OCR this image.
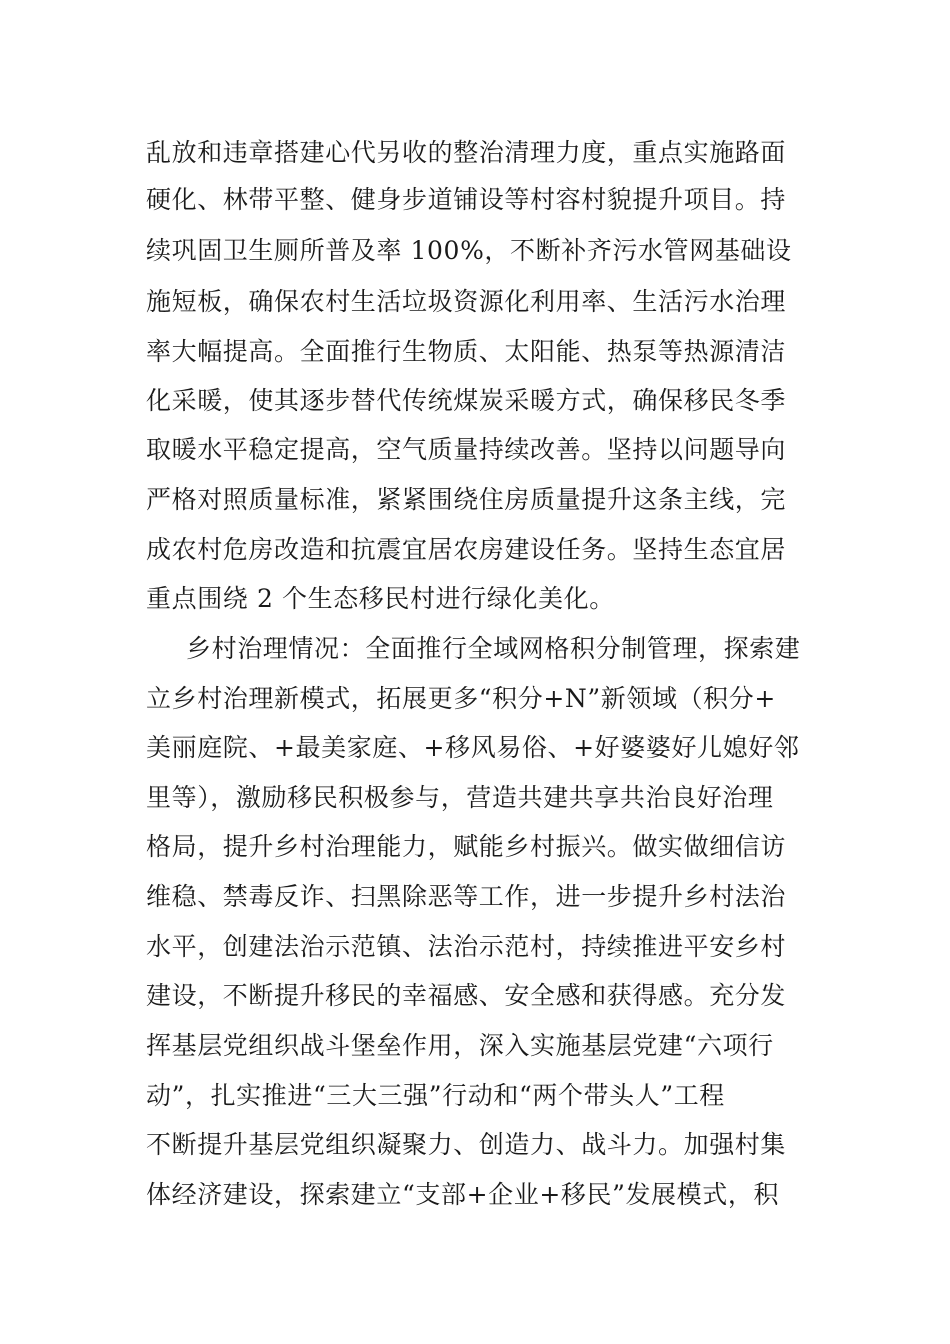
乱放和违章搭建心代另收的整治清理力度，重点实施路面
硬化、林带平整、健身步道铺设等村容村貌提升项目。持
续巩固卫生厕所普及率 100%，不断补齐污水管网基础设
施短板，确保农村生活垃圾资源化利用率、生活污水治理
率大幅提高。全面推行生物质、太阳能、热泵等热源清洁
化采暖，使其逐步替代传统煤炭采暖方式，确保移民冬季
取暖水平稳定提高，空气质量持续改善。坚持以问题导向
严格对照质量标准，紧紧围绕住房质量提升这条主线，完
成农村危房改造和抗震宜居农房建设任务。坚持生态宜居
重点围绕 2 个生态移民村进行绿化美化。
乡村治理情况：全面推行全域网格积分制管理，探索建
立乡村治理新模式，拓展更多“积分+N”新领域（积分+
美丽庭院、+最美家庭、+移风易俗、+好婆婆好儿媳好邻
里等），激励移民积极参与，营造共建共享共治良好治理
格局，提升乡村治理能力，赋能乡村振兴。做实做细信访
维稳、禁毒反诈、扫黑除恶等工作，进一步提升乡村法治
水平，创建法治示范镇、法治示范村，持续推进平安乡村
建设，不断提升移民的幸福感、安全感和获得感。充分发
挥基层党组织战斗堡垒作用，深入实施基层党建“六项行
动”，扎实推进“三大三强”行动和“两个带头人”工程
不断提升基层党组织凝聚力、创造力、战斗力。加强村集
体经济建设，探索建立“支部+企业+移民”发展模式，积
